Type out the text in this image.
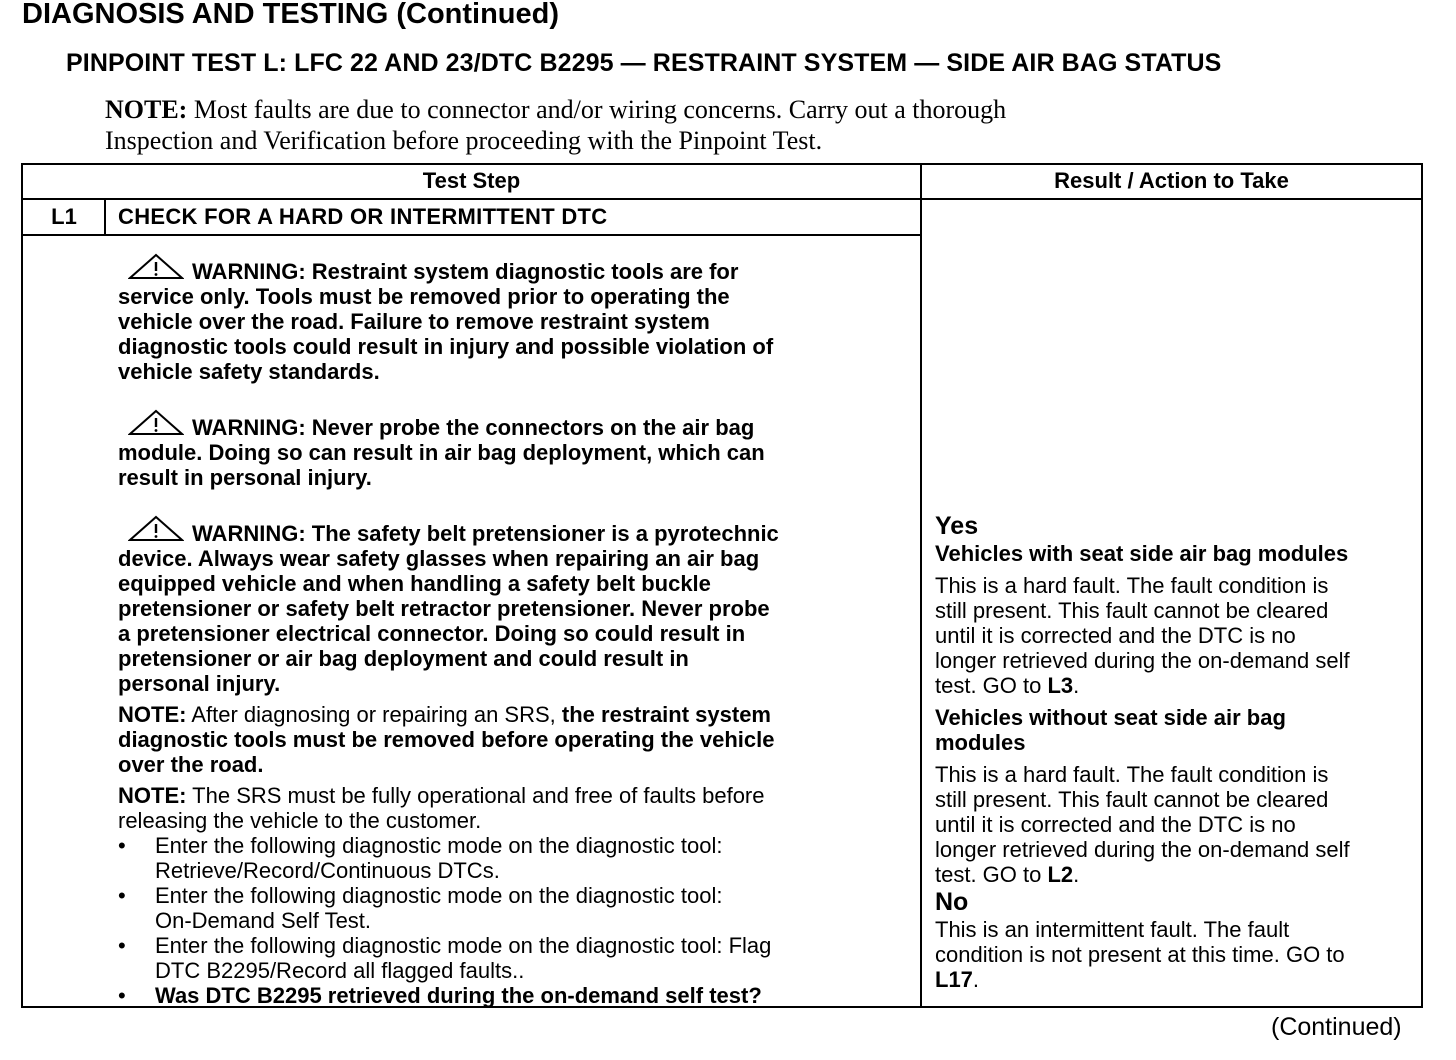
DIAGNOSIS AND TESTING (Continued)
PINPOINT TEST L: LFC 22 AND 23/DTC B2295 — RESTRAINT SYSTEM — SIDE AIR BAG STATUS
NOTE: Most faults are due to connector and/or wiring concerns. Carry out a thorough
Inspection and Verification before proceeding with the Pinpoint Test.
Test Step	Result / Action to Take
L1	CHECK FOR A HARD OR INTERMITTENT DTC
WARNING: Restraint system diagnostic tools are for
service only. Tools must be removed prior to operating the
vehicle over the road. Failure to remove restraint system
diagnostic tools could result in injury and possible violation of
vehicle safety standards.
WARNING: Never probe the connectors on the air bag
module. Doing so can result in air bag deployment, which can
result in personal injury.
WARNING: The safety belt pretensioner is a pyrotechnic
device. Always wear safety glasses when repairing an air bag
equipped vehicle and when handling a safety belt buckle
pretensioner or safety belt retractor pretensioner. Never probe
a pretensioner electrical connector. Doing so could result in
pretensioner or air bag deployment and could result in
personal injury.
NOTE: After diagnosing or repairing an SRS, the restraint system
diagnostic tools must be removed before operating the vehicle
over the road.
NOTE: The SRS must be fully operational and free of faults before
releasing the vehicle to the customer.
• Enter the following diagnostic mode on the diagnostic tool:
Retrieve/Record/Continuous DTCs.
• Enter the following diagnostic mode on the diagnostic tool:
On-Demand Self Test.
• Enter the following diagnostic mode on the diagnostic tool: Flag
DTC B2295/Record all flagged faults..
• Was DTC B2295 retrieved during the on-demand self test?
Yes
Vehicles with seat side air bag modules
This is a hard fault. The fault condition is
still present. This fault cannot be cleared
until it is corrected and the DTC is no
longer retrieved during the on-demand self
test. GO to L3.
Vehicles without seat side air bag
modules
This is a hard fault. The fault condition is
still present. This fault cannot be cleared
until it is corrected and the DTC is no
longer retrieved during the on-demand self
test. GO to L2.
No
This is an intermittent fault. The fault
condition is not present at this time. GO to
L17.
(Continued)
